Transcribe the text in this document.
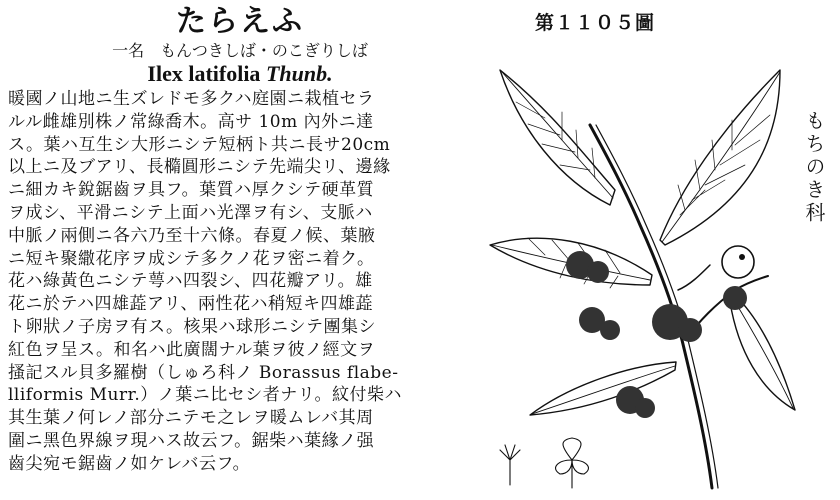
たらえふ
一名　もんつきしば・のこぎりしば
Ilex latifolia Thunb.
第１１０５圖
もちのき科
暖國ノ山地ニ生ズレドモ多クハ庭園ニ栽植セラ
ルル雌雄別株ノ常綠喬木。高サ 10m 內外ニ達
ス。葉ハ互生シ大形ニシテ短柄ト共ニ長サ20cm
以上ニ及ブアリ、長橢圓形ニシテ先端尖リ、邊緣
ニ細カキ銳鋸齒ヲ具フ。葉質ハ厚クシテ硬革質
ヲ成シ、平滑ニシテ上面ハ光澤ヲ有シ、支脈ハ
中脈ノ兩側ニ各六乃至十六條。春夏ノ候、葉腋
ニ短キ聚繖花序ヲ成シテ多クノ花ヲ密ニ着ク。
花ハ綠黃色ニシテ萼ハ四裂シ、四花瓣アリ。雄
花ニ於テハ四雄蕋アリ、兩性花ハ稍短キ四雄蕋
ト卵狀ノ子房ヲ有ス。核果ハ球形ニシテ團集シ
紅色ヲ呈ス。和名ハ此廣闊ナル葉ヲ彼ノ經文ヲ
搔記スル貝多羅樹（しゅろ科ノ Borassus flabe-
lliformis Murr.）ノ葉ニ比セシ者ナリ。紋付柴ハ
其生葉ノ何レノ部分ニテモ之レヲ暖ムレバ其周
圍ニ黑色界線ヲ現ハス故云フ。鋸柴ハ葉緣ノ强
齒尖宛モ鋸齒ノ如ケレバ云フ。
